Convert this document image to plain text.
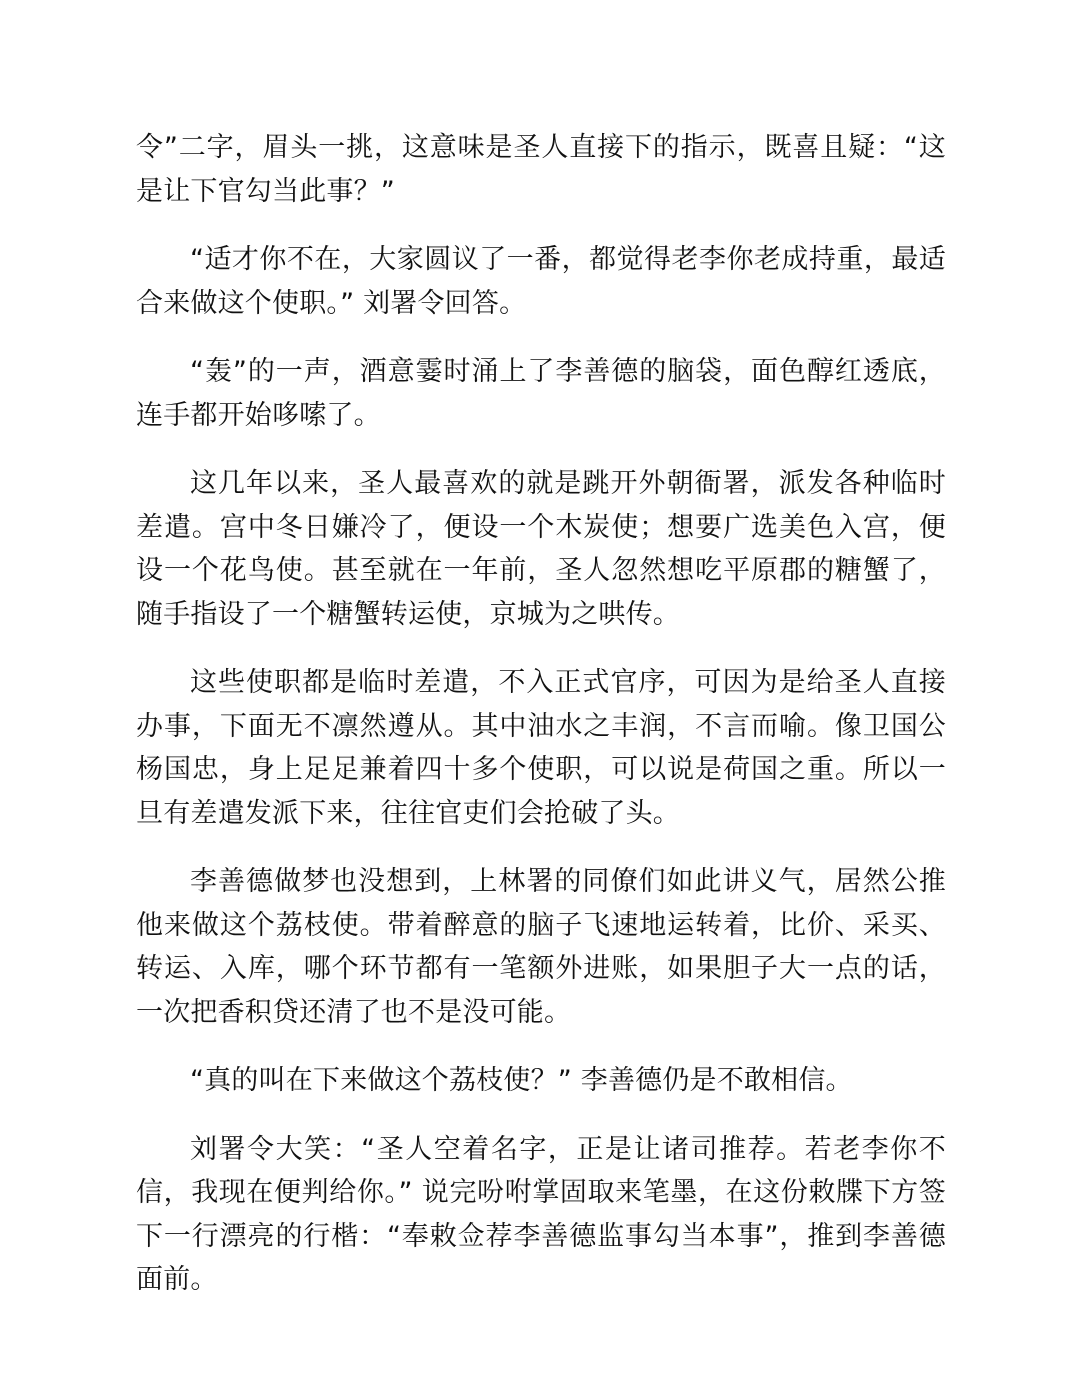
令”二字，眉头一挑，这意味是圣人直接下的指示，既喜且疑：“这是让下官勾当此事？”

“适才你不在，大家圆议了一番，都觉得老李你老成持重，最适合来做这个使职。” 刘署令回答。

“轰”的一声，酒意霎时涌上了李善德的脑袋，面色醇红透底，连手都开始哆嗦了。

这几年以来，圣人最喜欢的就是跳开外朝衙署，派发各种临时差遣。宫中冬日嫌冷了，便设一个木炭使；想要广选美色入宫，便设一个花鸟使。甚至就在一年前，圣人忽然想吃平原郡的糖蟹了，随手指设了一个糖蟹转运使，京城为之哄传。

这些使职都是临时差遣，不入正式官序，可因为是给圣人直接办事，下面无不凛然遵从。其中油水之丰润，不言而喻。像卫国公杨国忠，身上足足兼着四十多个使职，可以说是荷国之重。所以一旦有差遣发派下来，往往官吏们会抢破了头。

李善德做梦也没想到，上林署的同僚们如此讲义气，居然公推他来做这个荔枝使。带着醉意的脑子飞速地运转着，比价、采买、转运、入库，哪个环节都有一笔额外进账，如果胆子大一点的话，一次把香积贷还清了也不是没可能。

“真的叫在下来做这个荔枝使？” 李善德仍是不敢相信。

刘署令大笑：“圣人空着名字，正是让诸司推荐。若老李你不信，我现在便判给你。” 说完吩咐掌固取来笔墨，在这份敕牒下方签下一行漂亮的行楷：“奉敕佥荐李善德监事勾当本事”，推到李善德面前。
